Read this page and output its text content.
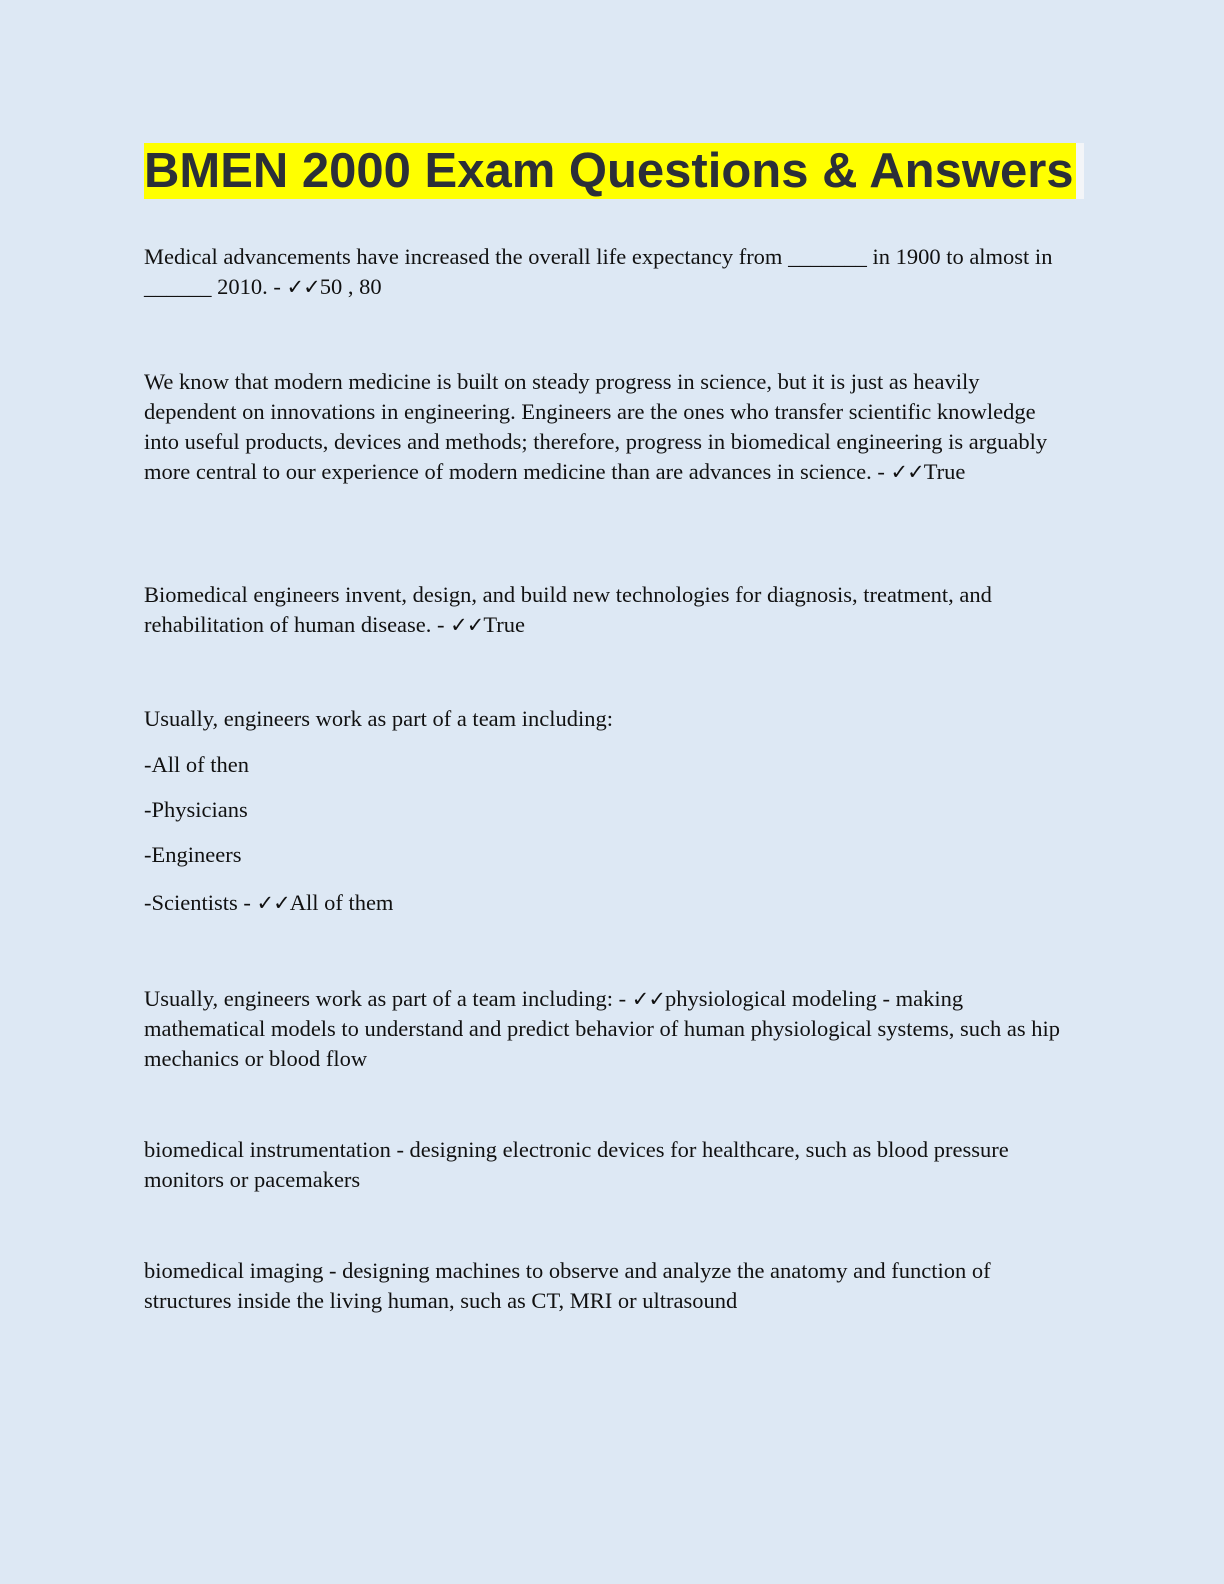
BMEN 2000 Exam Questions & Answers

Medical advancements have increased the overall life expectancy from _______ in 1900 to almost in ______ 2010. - ✓✓50 , 80

We know that modern medicine is built on steady progress in science, but it is just as heavily dependent on innovations in engineering. Engineers are the ones who transfer scientific knowledge into useful products, devices and methods; therefore, progress in biomedical engineering is arguably more central to our experience of modern medicine than are advances in science. - ✓✓True

Biomedical engineers invent, design, and build new technologies for diagnosis, treatment, and rehabilitation of human disease. - ✓✓True

Usually, engineers work as part of a team including:

-All of then

-Physicians

-Engineers

-Scientists - ✓✓All of them

Usually, engineers work as part of a team including: - ✓✓physiological modeling - making mathematical models to understand and predict behavior of human physiological systems, such as hip mechanics or blood flow

biomedical instrumentation - designing electronic devices for healthcare, such as blood pressure monitors or pacemakers

biomedical imaging - designing machines to observe and analyze the anatomy and function of structures inside the living human, such as CT, MRI or ultrasound
